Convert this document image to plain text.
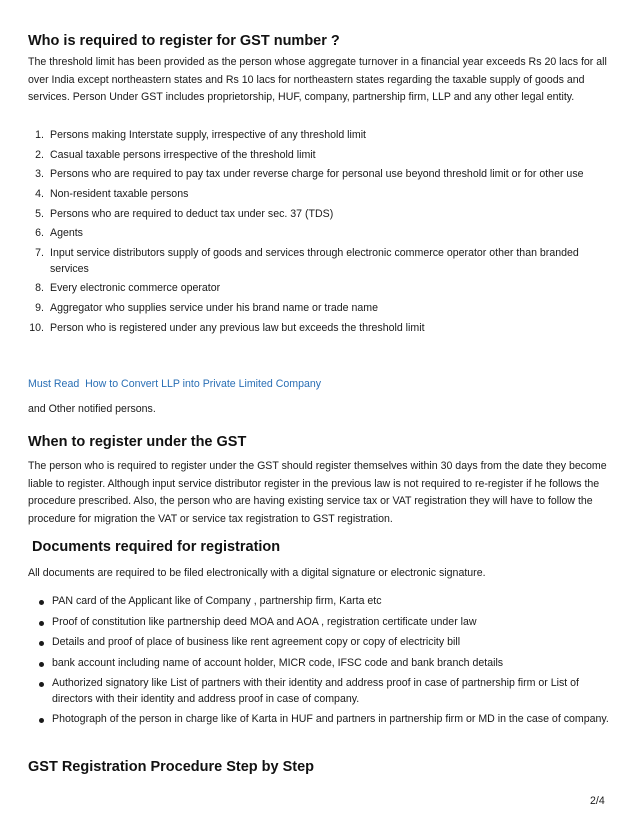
Who is required to register for GST number ?

The threshold limit has been provided as the person whose aggregate turnover in a financial year exceeds Rs 20 lacs for all over India except northeastern states and Rs 10 lacs for northeastern states regarding the taxable supply of goods and services. Person Under GST includes proprietorship, HUF, company, partnership firm, LLP and any other legal entity.

1. Persons making Interstate supply, irrespective of any threshold limit
2. Casual taxable persons irrespective of the threshold limit
3. Persons who are required to pay tax under reverse charge for personal use beyond threshold limit or for other use
4. Non-resident taxable persons
5. Persons who are required to deduct tax under sec. 37 (TDS)
6. Agents
7. Input service distributors supply of goods and services through electronic commerce operator other than branded services
8. Every electronic commerce operator
9. Aggregator who supplies service under his brand name or trade name
10. Person who is registered under any previous law but exceeds the threshold limit
Must Read How to Convert LLP into Private Limited Company

and Other notified persons.

When to register under the GST

The person who is required to register under the GST should register themselves within 30 days from the date they become liable to register. Although input service distributor register in the previous law is not required to re-register if he follows the procedure prescribed. Also, the person who are having existing service tax or VAT registration they will have to follow the procedure for migration the VAT or service tax registration to GST registration.

Documents required for registration

All documents are required to be filed electronically with a digital signature or electronic signature.

PAN card of the Applicant like of Company , partnership firm, Karta etc
Proof of constitution like partnership deed MOA and AOA , registration certificate under law
Details and proof of place of business like rent agreement copy or copy of electricity bill
bank account including name of account holder, MICR code, IFSC code and bank branch details
Authorized signatory like List of partners with their identity and address proof in case of partnership firm or List of directors with their identity and address proof in case of company.
Photograph of the person in charge like of Karta in HUF and partners in partnership firm or MD in the case of company.
GST Registration Procedure Step by Step
2/4
